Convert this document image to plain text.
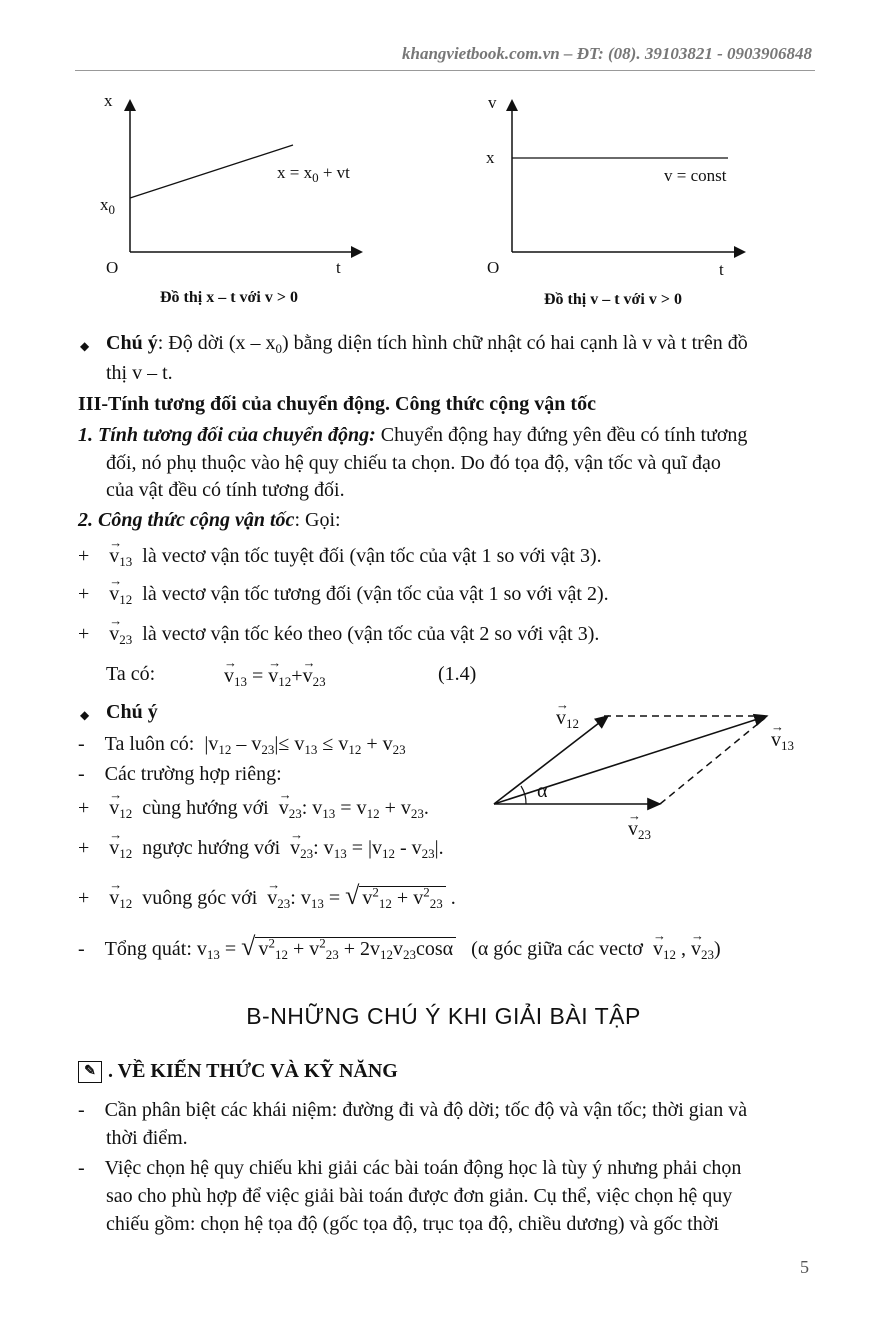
khangvietbook.com.vn – ĐT: (08). 39103821 - 0903906848
x
t
O
$x_0$
$x = x_0$ + vt
Đồ thị x – t với v > 0
v
t
O
x
v = const
Đồ thị v – t với v > 0
◆ Chú ý: Độ dời $(x - x_0)$ bằng diện tích hình chữ nhật có hai cạnh là v và t trên đồ
thị v – t.
III-Tính tương đối của chuyển động. Công thức cộng vận tốc
1. Tính tương đối của chuyển động: Chuyển động hay đứng yên đều có tính tương
đối, nó phụ thuộc vào hệ quy chiếu ta chọn. Do đó tọa độ, vận tốc và quĩ đạo
của vật đều có tính tương đối.
2. Công thức cộng vận tốc: Gọi:
+ → $v_{13}$ là vectơ vận tốc tuyệt đối (vận tốc của vật 1 so với vật 3).
+ → $v_{12}$ là vectơ vận tốc tương đối (vận tốc của vật 1 so với vật 2).
+ → $v_{23}$ là vectơ vận tốc kéo theo (vận tốc của vật 2 so với vật 3).
Ta có:	→ $v_{13}$ = → $v_{12}+\to v_{23}$	(1.4)
◆ Chú ý
- Ta luôn có: $|v_{12} - v_{23}|\le v_{13} \le v_{12} + v_{23}$
- Các trường hợp riêng:
+ → $v_{12}$ cùng hướng với → $v_{23}$: $v_{13} = v_{12} + v_{23}$.
+ → $v_{12}$ ngược hướng với → $v_{23}$: $v_{13} = |v_{12} - v_{23}|$.
+ → $v_{12}$ vuông góc với → $v_{23}$: $v_{13}$ = √ $v^2_{12} + v^2_{23}$ .
- Tổng quát: $v_{13}$ = √ $v^2_{12} + v^2_{23} + 2v_{12}v_{23}\cos\alpha$ (α góc giữa các vectơ → $v_{12}$ , → $v_{23}$)
→ $v_{12}$
→ $v_{13}$
→ $v_{23}$
α
B-NHỮNG CHÚ Ý KHI GIẢI BÀI TẬP
✎ . VỀ KIẾN THỨC VÀ KỸ NĂNG
- Cần phân biệt các khái niệm: đường đi và độ dời; tốc độ và vận tốc; thời gian và
thời điểm.
- Việc chọn hệ quy chiếu khi giải các bài toán động học là tùy ý nhưng phải chọn
sao cho phù hợp để việc giải bài toán được đơn giản. Cụ thể, việc chọn hệ quy
chiếu gồm: chọn hệ tọa độ (gốc tọa độ, trục tọa độ, chiều dương) và gốc thời
5
